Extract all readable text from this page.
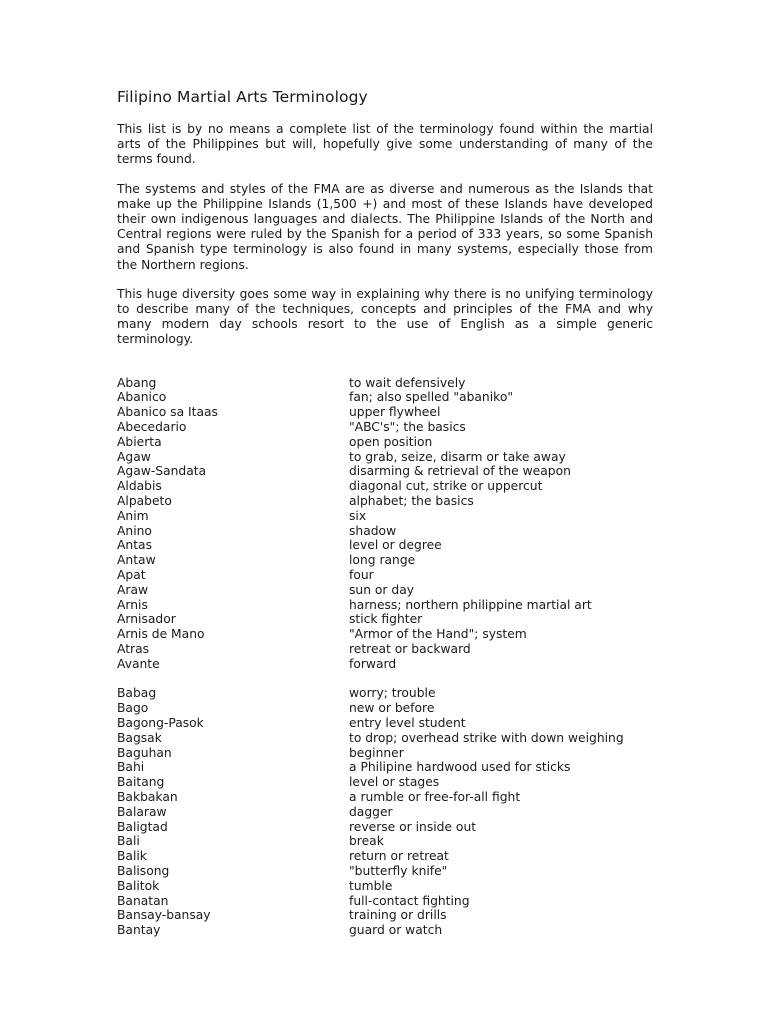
Filipino Martial Arts Terminology

This list is by no means a complete list of the terminology found within the martial arts of the Philippines but will, hopefully give some understanding of many of the terms found.

The systems and styles of the FMA are as diverse and numerous as the Islands that make up the Philippine Islands (1,500 +) and most of these Islands have developed their own indigenous languages and dialects. The Philippine Islands of the North and Central regions were ruled by the Spanish for a period of 333 years, so some Spanish and Spanish type terminology is also found in many systems, especially those from the Northern regions.

This huge diversity goes some way in explaining why there is no unifying terminology to describe many of the techniques, concepts and principles of the FMA and why many modern day schools resort to the use of English as a simple generic terminology.

Abang	to wait defensively
Abanico	fan; also spelled "abaniko"
Abanico sa Itaas	upper flywheel
Abecedario	"ABC's"; the basics
Abierta	open position
Agaw	to grab, seize, disarm or take away
Agaw-Sandata	disarming & retrieval of the weapon
Aldabis	diagonal cut, strike or uppercut
Alpabeto	alphabet; the basics
Anim	six
Anino	shadow
Antas	level or degree
Antaw	long range
Apat	four
Araw	sun or day
Arnis	harness; northern philippine martial art
Arnisador	stick fighter
Arnis de Mano	"Armor of the Hand"; system
Atras	retreat or backward
Avante	forward
Babag	worry; trouble
Bago	new or before
Bagong-Pasok	entry level student
Bagsak	to drop; overhead strike with down weighing
Baguhan	beginner
Bahi	a Philipine hardwood used for sticks
Baitang	level or stages
Bakbakan	a rumble or free-for-all fight
Balaraw	dagger
Baligtad	reverse or inside out
Bali	break
Balik	return or retreat
Balisong	"butterfly knife"
Balitok	tumble
Banatan	full-contact fighting
Bansay-bansay	training or drills
Bantay	guard or watch
